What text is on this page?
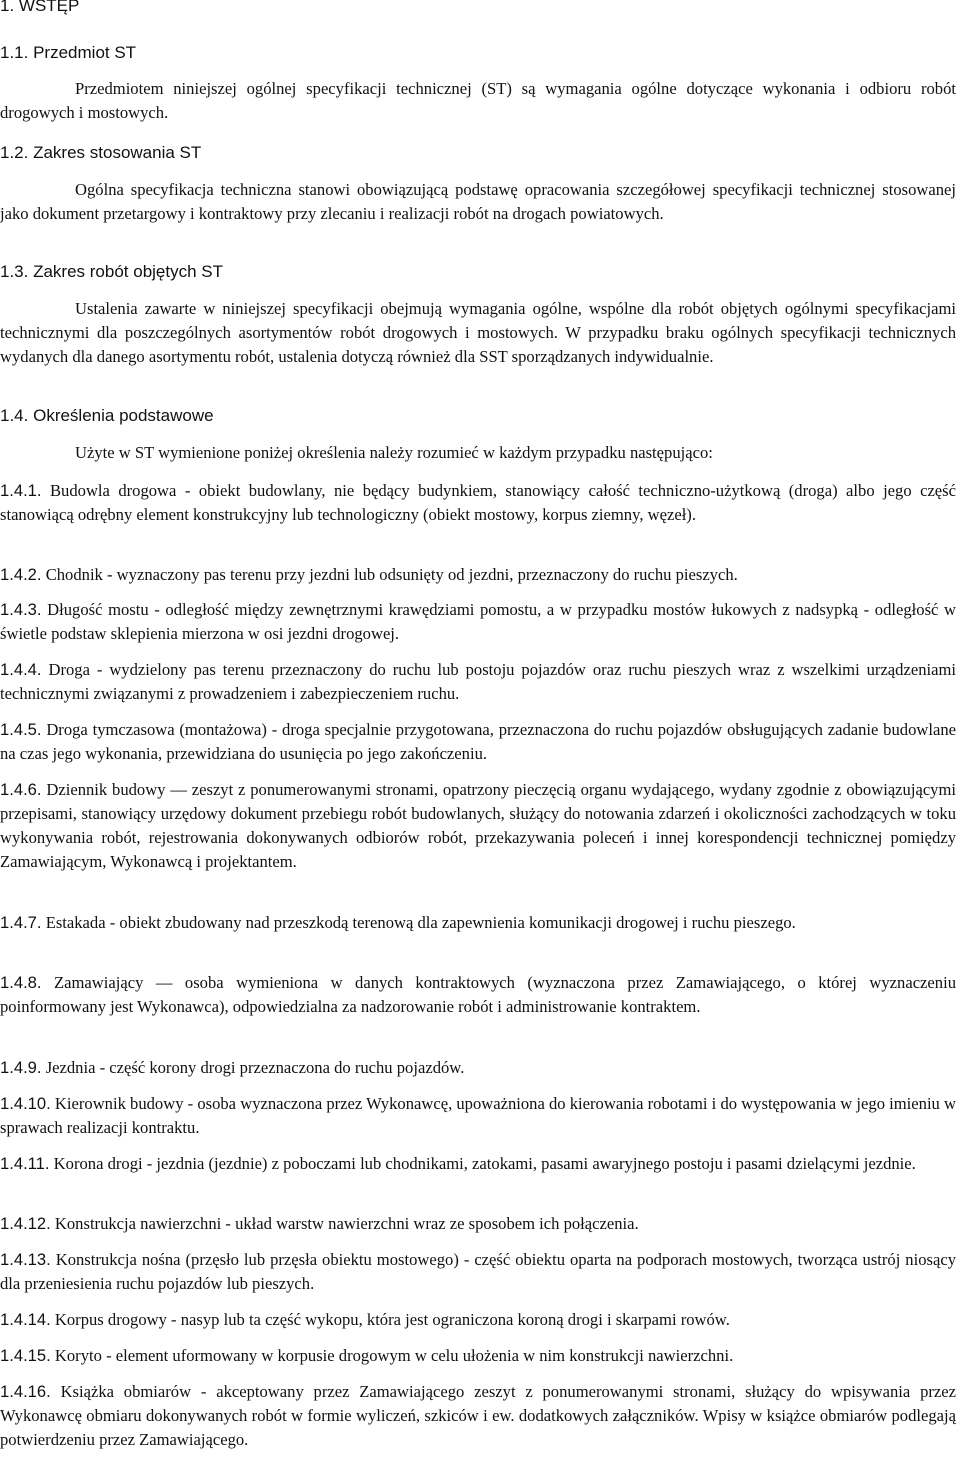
1. WSTĘP
1.1. Przedmiot ST

Przedmiotem niniejszej ogólnej specyfikacji technicznej (ST) są wymagania ogólne dotyczące wykonania i odbioru robót drogowych i mostowych.

1.2. Zakres stosowania ST

Ogólna specyfikacja techniczna stanowi obowiązującą podstawę opracowania szczegółowej specyfikacji technicznej stosowanej jako dokument przetargowy i kontraktowy przy zlecaniu i realizacji robót na drogach powiatowych.

1.3. Zakres robót objętych ST

Ustalenia zawarte w niniejszej specyfikacji obejmują wymagania ogólne, wspólne dla robót objętych ogólnymi specyfikacjami technicznymi dla poszczególnych asortymentów robót drogowych i mostowych. W przypadku braku ogólnych specyfikacji technicznych wydanych dla danego asortymentu robót, ustalenia dotyczą również dla SST sporządzanych indywidualnie.

1.4. Określenia podstawowe

Użyte w ST wymienione poniżej określenia należy rozumieć w każdym przypadku następująco:

1.4.1. Budowla drogowa - obiekt budowlany, nie będący budynkiem, stanowiący całość techniczno-użytkową (droga) albo jego część stanowiącą odrębny element konstrukcyjny lub technologiczny (obiekt mostowy, korpus ziemny, węzeł).

1.4.2. Chodnik - wyznaczony pas terenu przy jezdni lub odsunięty od jezdni, przeznaczony do ruchu pieszych.

1.4.3. Długość mostu - odległość między zewnętrznymi krawędziami pomostu, a w przypadku mostów łukowych z nadsypką - odległość w świetle podstaw sklepienia mierzona w osi jezdni drogowej.

1.4.4. Droga - wydzielony pas terenu przeznaczony do ruchu lub postoju pojazdów oraz ruchu pieszych wraz z wszelkimi urządzeniami technicznymi związanymi z prowadzeniem i zabezpieczeniem ruchu.

1.4.5. Droga tymczasowa (montażowa) - droga specjalnie przygotowana, przeznaczona do ruchu pojazdów obsługujących zadanie budowlane na czas jego wykonania, przewidziana do usunięcia po jego zakończeniu.

1.4.6. Dziennik budowy — zeszyt z ponumerowanymi stronami, opatrzony pieczęcią organu wydającego, wydany zgodnie z obowiązującymi przepisami, stanowiący urzędowy dokument przebiegu robót budowlanych, służący do notowania zdarzeń i okoliczności zachodzących w toku wykonywania robót, rejestrowania dokonywanych odbiorów robót, przekazywania poleceń i innej korespondencji technicznej pomiędzy Zamawiającym, Wykonawcą i projektantem.

1.4.7. Estakada - obiekt zbudowany nad przeszkodą terenową dla zapewnienia komunikacji drogowej i ruchu pieszego.

1.4.8. Zamawiający — osoba wymieniona w danych kontraktowych (wyznaczona przez Zamawiającego, o której wyznaczeniu poinformowany jest Wykonawca), odpowiedzialna za nadzorowanie robót i administrowanie kontraktem.

1.4.9. Jezdnia - część korony drogi przeznaczona do ruchu pojazdów.

1.4.10. Kierownik budowy - osoba wyznaczona przez Wykonawcę, upoważniona do kierowania robotami i do występowania w jego imieniu w sprawach realizacji kontraktu.

1.4.11. Korona drogi - jezdnia (jezdnie) z poboczami lub chodnikami, zatokami, pasami awaryjnego postoju i pasami dzielącymi jezdnie.

1.4.12. Konstrukcja nawierzchni - układ warstw nawierzchni wraz ze sposobem ich połączenia.

1.4.13. Konstrukcja nośna (przęsło lub przęsła obiektu mostowego) - część obiektu oparta na podporach mostowych, tworząca ustrój niosący dla przeniesienia ruchu pojazdów lub pieszych.

1.4.14. Korpus drogowy - nasyp lub ta część wykopu, która jest ograniczona koroną drogi i skarpami rowów.

1.4.15. Koryto - element uformowany w korpusie drogowym w celu ułożenia w nim konstrukcji nawierzchni.

1.4.16. Książka obmiarów - akceptowany przez Zamawiającego zeszyt z ponumerowanymi stronami, służący do wpisywania przez Wykonawcę obmiaru dokonywanych robót w formie wyliczeń, szkiców i ew. dodatkowych załączników. Wpisy w książce obmiarów podlegają potwierdzeniu przez Zamawiającego.
